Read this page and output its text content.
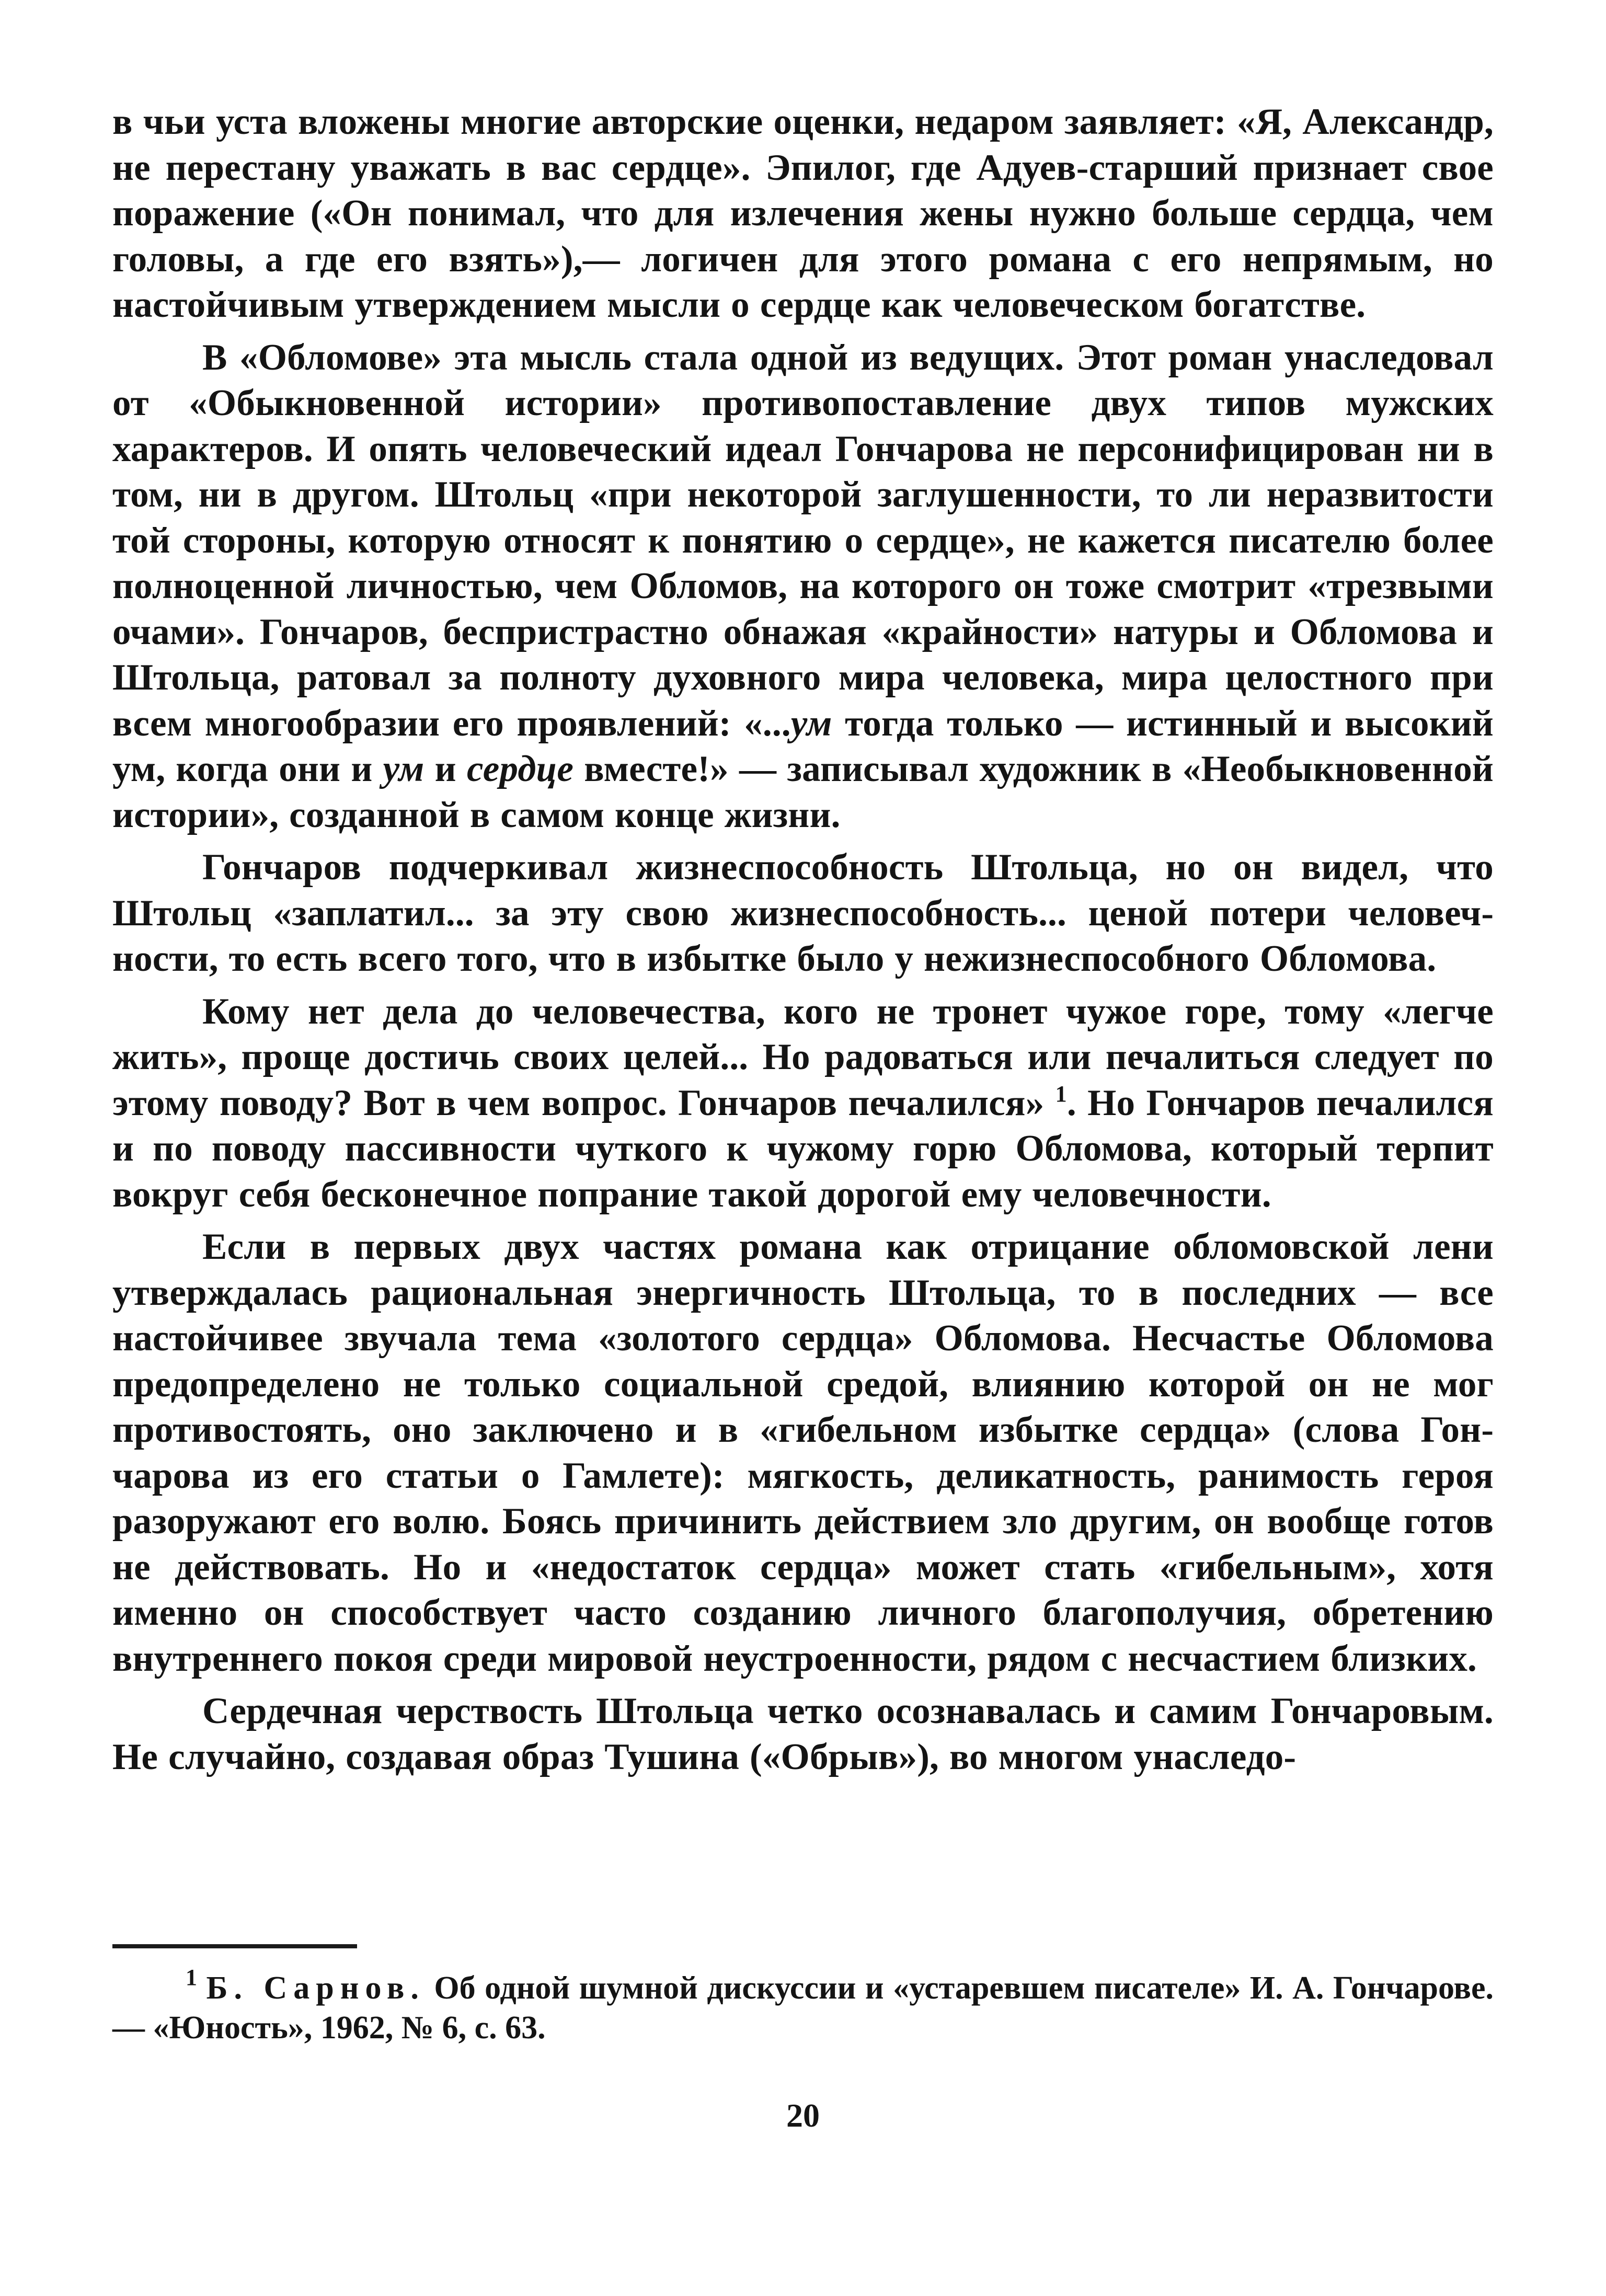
в чьи уста вложены многие авторские оценки, недаром заявляет: «Я, Александр, не перестану уважать в вас сердце». Эпилог, где Адуев-старший признает свое поражение («Он понимал, что для излечения жены нужно больше сердца, чем головы, а где его взять»),— логичен для этого романа с его непрямым, но настойчивым утверждением мысли о сердце как человеческом богатстве.

В «Обломове» эта мысль стала одной из ведущих. Этот роман унаследовал от «Обыкновенной истории» противопоставление двух типов мужских характеров. И опять человеческий идеал Гончарова не персонифицирован ни в том, ни в другом. Штольц «при некоторой заглушенности, то ли неразвитости той стороны, которую относят к понятию о сердце», не кажется писателю более полноценной личностью, чем Обломов, на которого он тоже смотрит «трезвыми очами». Гончаров, беспристрастно обнажая «крайности» натуры и Обломова и Штольца, ратовал за полноту духовного мира человека, мира целостного при всем многообразии его проявлений: «...ум тогда только — истинный и высокий ум, когда они и ум и сердце вместе!» — записывал художник в «Необыкновенной истории», созданной в самом конце жизни.

Гончаров подчеркивал жизнеспособность Штольца, но он видел, что Штольц «заплатил... за эту свою жизнеспособность... ценой потери человечности, то есть всего того, что в избытке было у нежизнеспособного Обломова.

Кому нет дела до человечества, кого не тронет чужое горе, тому «легче жить», проще достичь своих целей... Но радоваться или печалиться следует по этому поводу? Вот в чем вопрос. Гончаров печалился» $^1$. Но Гончаров печалился и по поводу пассивности чуткого к чужому горю Обломова, который терпит вокруг себя бесконечное попрание такой дорогой ему человечности.

Если в первых двух частях романа как отрицание обломовской лени утверждалась рациональная энергичность Штольца, то в последних — все настойчивее звучала тема «золотого сердца» Обломова. Несчастье Обломова предопределено не только социальной средой, влиянию которой он не мог противостоять, оно заключено и в «гибельном избытке сердца» (слова Гончарова из его статьи о Гамлете): мягкость, деликатность, ранимость героя разоружают его волю. Боясь причинить действием зло другим, он вообще готов не действовать. Но и «недостаток сердца» может стать «гибельным», хотя именно он способствует часто созданию личного благополучия, обретению внутреннего покоя среди мировой неустроенности, рядом с несчастием близких.

Сердечная черствость Штольца четко осознавалась и самим Гончаровым. Не случайно, создавая образ Тушина («Обрыв»), во многом унаследо-

$^1$ Б. Сарнов. Об одной шумной дискуссии и «устаревшем писателе» И. А. Гончарове.— «Юность», 1962, № 6, с. 63.

20
